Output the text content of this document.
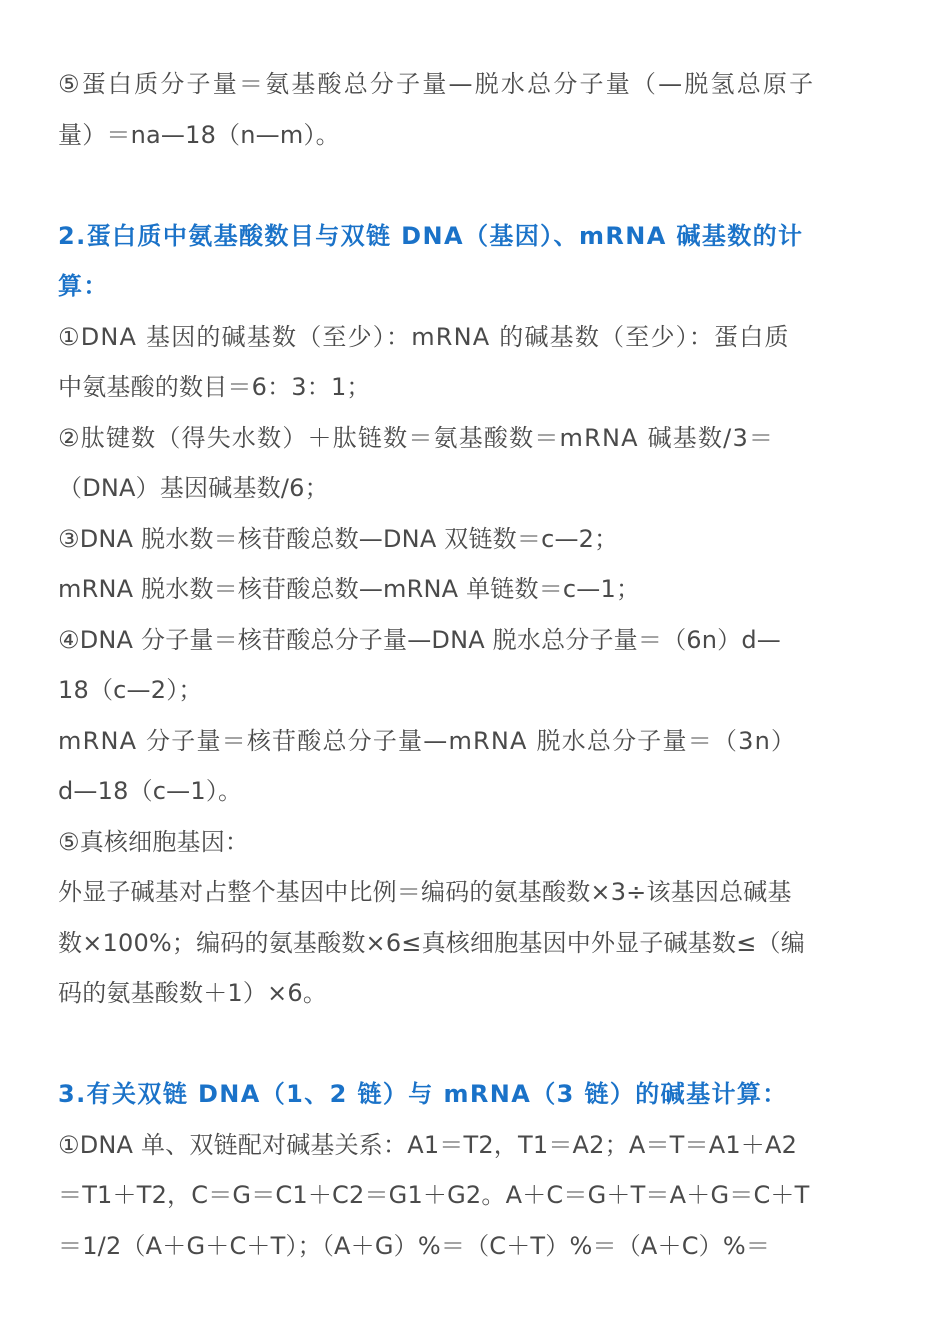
⑤蛋白质分子量＝氨基酸总分子量—脱水总分子量（—脱氢总原子
量）＝na—18（n—m）。
2.蛋白质中氨基酸数目与双链 DNA（基因）、mRNA 碱基数的计
算：
①DNA 基因的碱基数（至少）：mRNA 的碱基数（至少）：蛋白质
中氨基酸的数目＝6：3：1；
②肽键数（得失水数）＋肽链数＝氨基酸数＝mRNA 碱基数/3＝
（DNA）基因碱基数/6；
③DNA 脱水数＝核苷酸总数—DNA 双链数＝c—2；
mRNA 脱水数＝核苷酸总数—mRNA 单链数＝c—1；
④DNA 分子量＝核苷酸总分子量—DNA 脱水总分子量＝（6n）d—
18（c—2）；
mRNA 分子量＝核苷酸总分子量—mRNA 脱水总分子量＝（3n）
d—18（c—1）。
⑤真核细胞基因：
外显子碱基对占整个基因中比例＝编码的氨基酸数×3÷该基因总碱基
数×100%；编码的氨基酸数×6≤真核细胞基因中外显子碱基数≤（编
码的氨基酸数＋1）×6。
3.有关双链 DNA（1、2 链）与 mRNA（3 链）的碱基计算：
①DNA 单、双链配对碱基关系：A1＝T2，T1＝A2；A＝T＝A1＋A2
＝T1＋T2，C＝G＝C1＋C2＝G1＋G2。A＋C＝G＋T＝A＋G＝C＋T
＝1/2（A＋G＋C＋T）；（A＋G）%＝（C＋T）%＝（A＋C）%＝
